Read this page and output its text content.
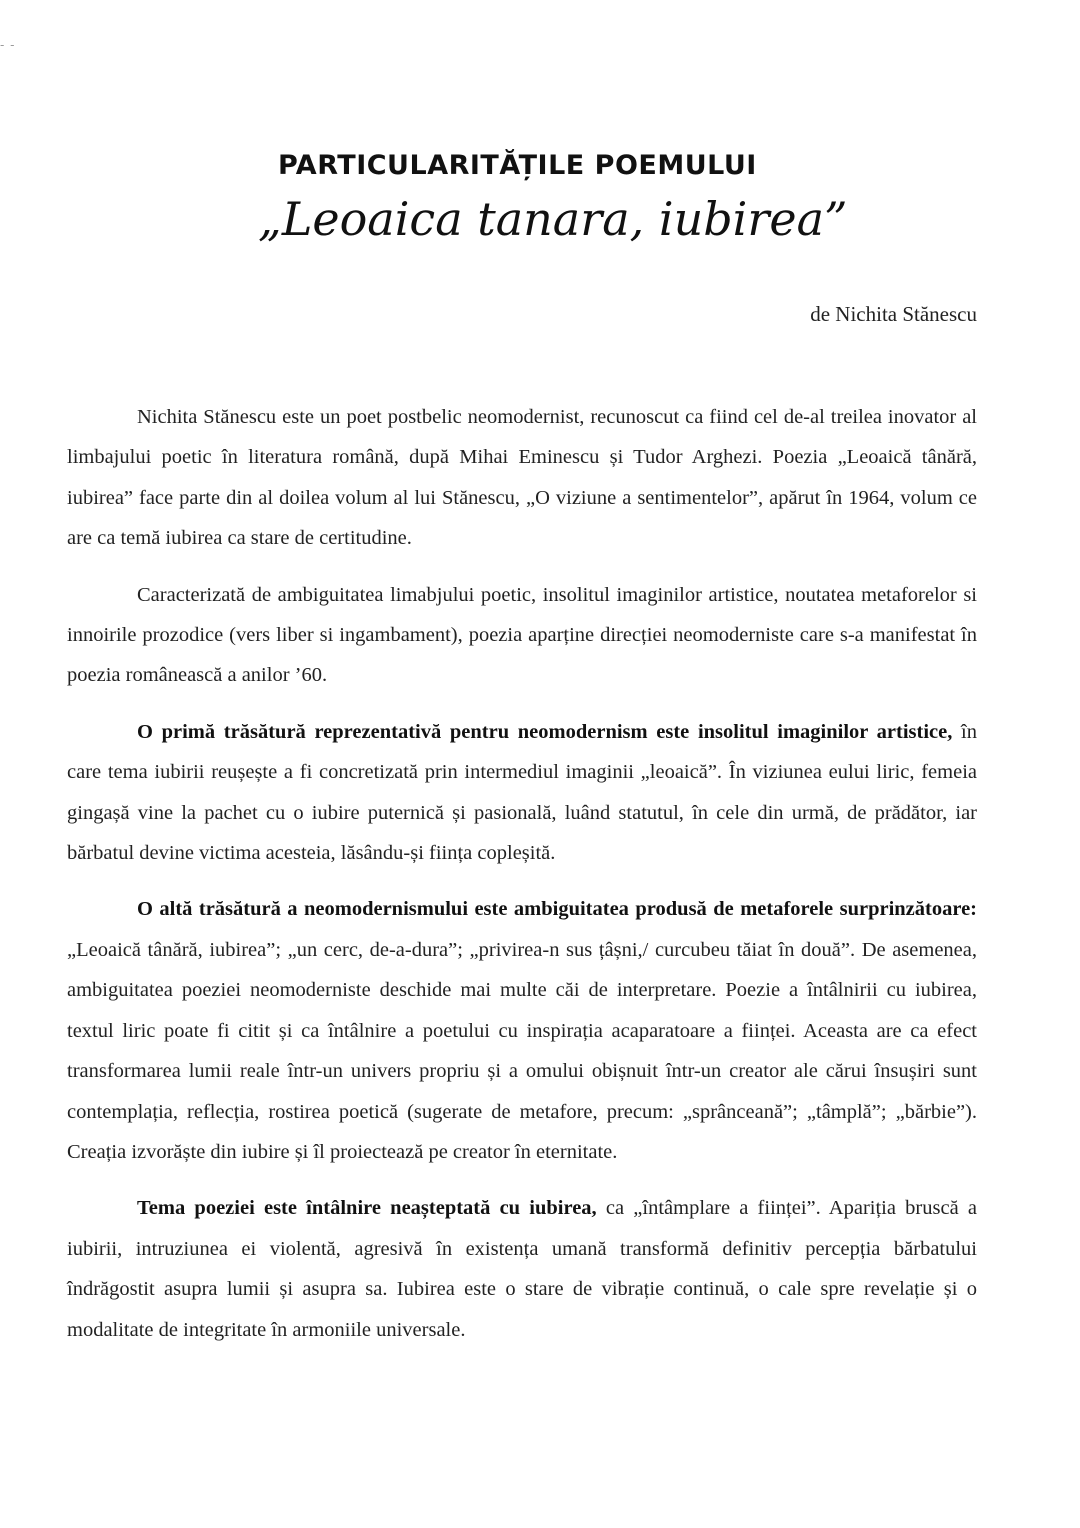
- -
PARTICULARITĂȚILE POEMULUI
„Leoaica tanara, iubirea”
de Nichita Stănescu

Nichita Stănescu este un poet postbelic neomodernist, recunoscut ca fiind cel de-al treilea inovator al limbajului poetic în literatura română, după Mihai Eminescu și Tudor Arghezi. Poezia „Leoaică tânără, iubirea” face parte din al doilea volum al lui Stănescu, „O viziune a sentimentelor”, apărut în 1964, volum ce are ca temă iubirea ca stare de certitudine.

Caracterizată de ambiguitatea limabjului poetic, insolitul imaginilor artistice, noutatea metaforelor si innoirile prozodice (vers liber si ingambament), poezia aparține direcției neomoderniste care s-a manifestat în poezia românească a anilor ’60.

O primă trăsătură reprezentativă pentru neomodernism este insolitul imaginilor artistice, în care tema iubirii reușește a fi concretizată prin intermediul imaginii „leoaică”. În viziunea eului liric, femeia gingașă vine la pachet cu o iubire puternică și pasională, luând statutul, în cele din urmă, de prădător, iar bărbatul devine victima acesteia, lăsându-și ființa copleșită.

O altă trăsătură a neomodernismului este ambiguitatea produsă de metaforele surprinzătoare: „Leoaică tânără, iubirea”; „un cerc, de-a-dura”; „privirea-n sus țâșni,/ curcubeu tăiat în două”. De asemenea, ambiguitatea poeziei neomoderniste deschide mai multe căi de interpretare. Poezie a întâlnirii cu iubirea, textul liric poate fi citit și ca întâlnire a poetului cu inspirația acaparatoare a ființei. Aceasta are ca efect transformarea lumii reale într-un univers propriu și a omului obișnuit într-un creator ale cărui însușiri sunt contemplația, reflecția, rostirea poetică (sugerate de metafore, precum: „sprânceană”; „tâmplă”; „bărbie”). Creația izvorăște din iubire și îl proiectează pe creator în eternitate.

Tema poeziei este întâlnire neașteptată cu iubirea, ca „întâmplare a ființei”. Apariția bruscă a iubirii, intruziunea ei violentă, agresivă în existența umană transformă definitiv percepția bărbatului îndrăgostit asupra lumii și asupra sa. Iubirea este o stare de vibrație continuă, o cale spre revelație și o modalitate de integritate în armoniile universale.
